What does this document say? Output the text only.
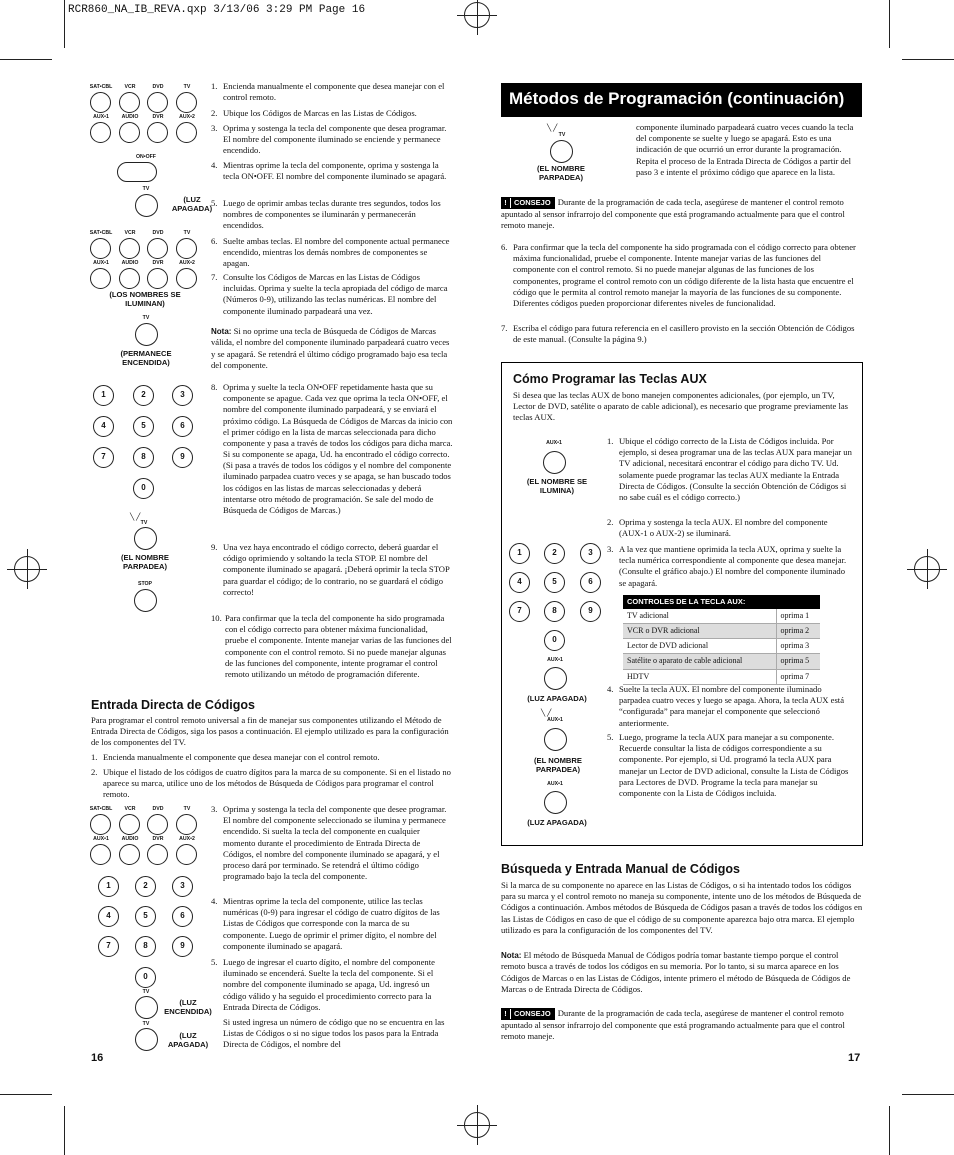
RCR860_NA_IB_REVA.qxp 3/13/06 3:29 PM Page 16
SAT•CBL	VCR	DVD	TV
AUX•1	AUDIO	DVR	AUX•2
ON•OFF
TV
(LUZ APAGADA)
SAT•CBL	VCR	DVD	TV
AUX•1	AUDIO	DVR	AUX•2
(LOS NOMBRES SE ILUMINAN)
TV
(PERMANECE ENCENDIDA)
1	2	3
4	5	6
7	8	9
0
TV
╲ ╱
(EL NOMBRE PARPADEA)
STOP
1. Encienda manualmente el componente que desea manejar con el control remoto.
2. Ubique los Códigos de Marcas en las Listas de Códigos.
3. Oprima y sostenga la tecla del componente que desea programar. El nombre del componente iluminado se enciende y permanece encendido.
4. Mientras oprime la tecla del componente, oprima y sostenga la tecla ON•OFF. El nombre del componente iluminado se apagará.
5. Luego de oprimir ambas teclas durante tres segundos, todos los nombres de componentes se iluminarán y permanecerán encendidos.
6. Suelte ambas teclas. El nombre del componente actual permanece encendido, mientras los demás nombres de componentes se apagan.
7. Consulte los Códigos de Marcas en las Listas de Códigos incluidas. Oprima y suelte la tecla apropiada del código de marca (Números 0-9), utilizando las teclas numéricas. El nombre del componente iluminado parpadeará una vez.
Nota: Si no oprime una tecla de Búsqueda de Códigos de Marcas válida, el nombre del componente iluminado parpadeará cuatro veces y se apagará. Se retendrá el último código programado bajo esa tecla del componente.
8. Oprima y suelte la tecla ON•OFF repetidamente hasta que su componente se apague. Cada vez que oprima la tecla ON•OFF, el nombre del componente iluminado parpadeará, y se enviará el próximo código. La Búsqueda de Códigos de Marcas da inicio con el primer código en la lista de marcas seleccionada para dicho componente y pasa a través de todos los códigos para dicha marca. Si su componente se apaga, Ud. ha encontrado el código correcto. (Si pasa a través de todos los códigos y el nombre del componente iluminado parpadea cuatro veces y se apaga, se han buscado todos los códigos en las listas de marcas seleccionadas y deberá intentarse otro método de programación. Se sale del modo de Búsqueda de Códigos de Marcas.)
9. Una vez haya encontrado el código correcto, deberá guardar el código oprimiendo y soltando la tecla STOP. El nombre del componente iluminado se apagará. ¡Deberá oprimir la tecla STOP para guardar el código; de lo contrario, no se guardará el código correcto!
10. Para confirmar que la tecla del componente ha sido programada con el código correcto para obtener máxima funcionalidad, pruebe el componente. Intente manejar varias de las funciones del componente con el control remoto. Si no puede manejar algunas de las funciones del componente, intente programar el control remoto utilizando un método de programación diferente.
Entrada Directa de Códigos
Para programar el control remoto universal a fin de manejar sus componentes utilizando el Método de Entrada Directa de Códigos, siga los pasos a continuación. El ejemplo utilizado es para la configuración de los componentes del TV.
1. Encienda manualmente el componente que desea manejar con el control remoto.
2. Ubique el listado de los códigos de cuatro dígitos para la marca de su componente. Si en el listado no aparece su marca, utilice uno de los métodos de Búsqueda de Códigos para programar el control remoto.
SAT•CBL	VCR	DVD	TV
AUX•1	AUDIO	DVR	AUX•2
1	2	3
4	5	6
7	8	9
0
TV
(LUZ ENCENDIDA)
TV
(LUZ APAGADA)
3. Oprima y sostenga la tecla del componente que desee programar. El nombre del componente seleccionado se ilumina y permanece encendido. Si suelta la tecla del componente en cualquier momento durante el procedimiento de Entrada Directa de Códigos, el nombre del componente iluminado se apagará, y el proceso dará por terminado. Se retendrá el último código programado bajo la tecla del componente.
4. Mientras oprime la tecla del componente, utilice las teclas numéricas (0-9) para ingresar el código de cuatro dígitos de las Listas de Códigos que corresponde con la marca de su componente. Luego de oprimir el primer dígito, el nombre del componente iluminado se apagará.
5. Luego de ingresar el cuarto dígito, el nombre del componente iluminado se encenderá. Suelte la tecla del componente. Si el nombre del componente iluminado se apaga, Ud. ingresó un código válido y ha seguido el procedimiento correcto para la Entrada Directa de Códigos.
Si usted ingresa un número de código que no se encuentra en las Listas de Códigos o si no sigue todos los pasos para la Entrada Directa de Códigos, el nombre del
16
Métodos de Programación (continuación)
╲ ╱
TV
(EL NOMBRE PARPADEA)
componente iluminado parpadeará cuatro veces cuando la tecla del componente se suelte y luego se apagará. Esto es una indicación de que ocurrió un error durante la programación. Repita el proceso de la Entrada Directa de Códigos a partir del paso 3 e intente el próximo código que aparece en la lista.
! CONSEJO Durante de la programación de cada tecla, asegúrese de mantener el control remoto apuntado al sensor infrarrojo del componente que está programando actualmente para que el control remoto maneje.
6. Para confirmar que la tecla del componente ha sido programada con el código correcto para obtener máxima funcionalidad, pruebe el componente. Intente manejar varias de las funciones del componente con el control remoto. Si no puede manejar algunas de las funciones de los componentes, programe el control remoto con un código diferente de la lista hasta que encuentre el código que le permita al control remoto manejar la mayoría de las funciones de su componente. Diferentes códigos pueden proporcionar diferentes niveles de funcionalidad.
7. Escriba el código para futura referencia en el casillero provisto en la sección Obtención de Códigos de este manual. (Consulte la página 9.)
Cómo Programar las Teclas AUX
Si desea que las teclas AUX de bono manejen componentes adicionales, (por ejemplo, un TV, Lector de DVD, satélite o aparato de cable adicional), es necesario que programe previamente las teclas AUX.
AUX•1
(EL NOMBRE SE ILUMINA)
1	2	3
4	5	6
7	8	9
0
AUX•1
(LUZ APAGADA)
╲ ╱
AUX•1
(EL NOMBRE PARPADEA)
AUX•1
(LUZ APAGADA)
1. Ubique el código correcto de la Lista de Códigos incluida. Por ejemplo, si desea programar una de las teclas AUX para manejar un TV adicional, necesitará encontrar el código para dicho TV. Ud. solamente puede programar las teclas AUX mediante la Entrada Directa de Códigos. (Consulte la sección Obtención de Códigos si no sabe cuál es el código correcto.)
2. Oprima y sostenga la tecla AUX. El nombre del componente (AUX-1 o AUX-2) se iluminará.
3. A la vez que mantiene oprimida la tecla AUX, oprima y suelte la tecla numérica correspondiente al componente que desea manejar. (Consulte el gráfico abajo.) El nombre del componente iluminado se apagará.
CONTROLES DE LA TECLA AUX:	
TV adicional	oprima 1
VCR o DVR adicional	oprima 2
Lector de DVD adicional	oprima 3
Satélite o aparato de cable adicional	oprima 5
HDTV	oprima 7
4. Suelte la tecla AUX. El nombre del componente iluminado parpadea cuatro veces y luego se apaga. Ahora, la tecla AUX está “configurada” para manejar el componente que seleccionó anteriormente.
5. Luego, programe la tecla AUX para manejar a su componente. Recuerde consultar la lista de códigos correspondiente a su componente. Por ejemplo, si Ud. programó la tecla AUX para manejar un Lector de DVD adicional, consulte la Lista de Códigos para Lectores de DVD. Programe la tecla para manejar su componente con la Lista de Códigos incluida.
Búsqueda y Entrada Manual de Códigos
Si la marca de su componente no aparece en las Listas de Códigos, o si ha intentado todos los códigos para su marca y el control remoto no maneja su componente, intente uno de los métodos de Búsqueda de Códigos a continuación. Ambos métodos de Búsqueda de Códigos pasan a través de todos los códigos en las Listas de Códigos en caso de que el código de su componente aparezca bajo otra marca. El ejemplo utilizado es para la configuración de los componentes del TV.
Nota: El método de Búsqueda Manual de Códigos podría tomar bastante tiempo porque el control remoto busca a través de todos los códigos en su memoria. Por lo tanto, si su marca aparece en los Códigos de Marcas o en las Listas de Códigos, intente primero el método de Búsqueda de Códigos de Marcas o de Entrada Directa de Códigos.
! CONSEJO Durante de la programación de cada tecla, asegúrese de mantener el control remoto apuntado al sensor infrarrojo del componente que está programando actualmente para que el control remoto maneje.
17
